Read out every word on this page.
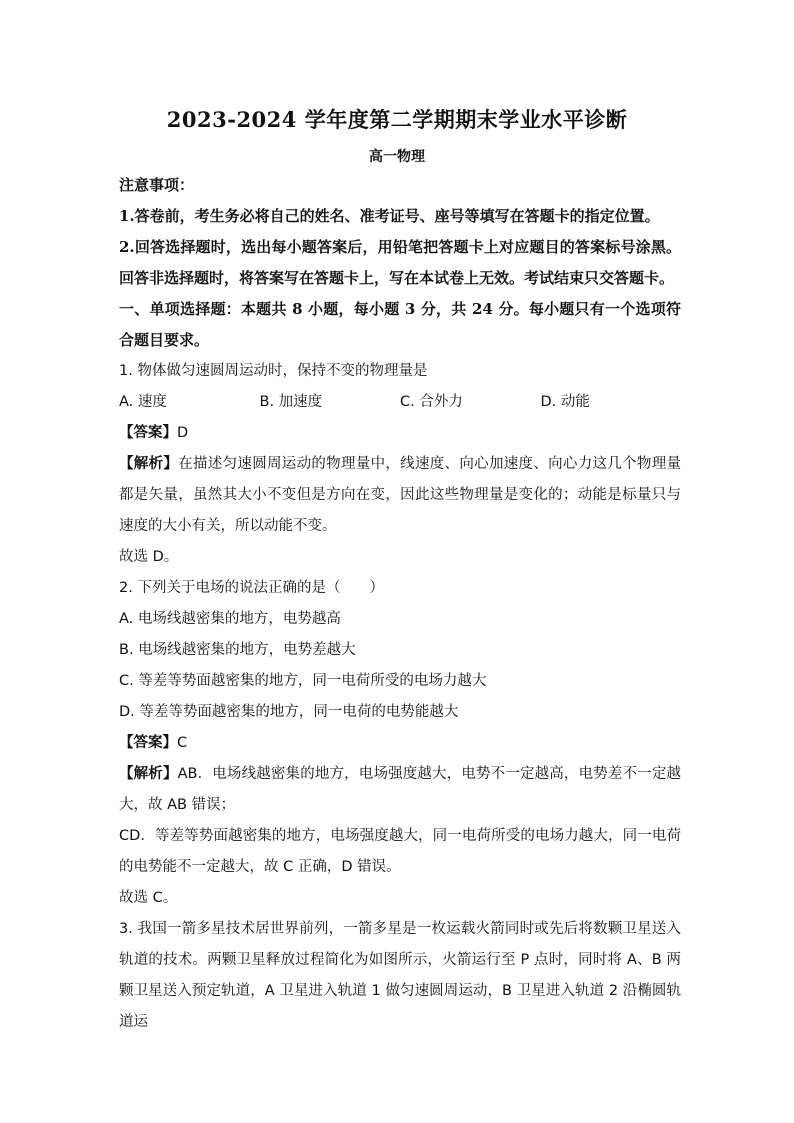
2023-2024 学年度第二学期期末学业水平诊断
高一物理

注意事项：

1.答卷前，考生务必将自己的姓名、准考证号、座号等填写在答题卡的指定位置。

2.回答选择题时，选出每小题答案后，用铅笔把答题卡上对应题目的答案标号涂黑。回答非选择题时，将答案写在答题卡上，写在本试卷上无效。考试结束只交答题卡。

一、单项选择题：本题共 8 小题，每小题 3 分，共 24 分。每小题只有一个选项符合题目要求。

1. 物体做匀速圆周运动时，保持不变的物理量是

A. 速度	B. 加速度	C. 合外力	D. 动能

【答案】D

【解析】在描述匀速圆周运动的物理量中，线速度、向心加速度、向心力这几个物理量都是矢量，虽然其大小不变但是方向在变，因此这些物理量是变化的；动能是标量只与速度的大小有关，所以动能不变。

故选 D。

2. 下列关于电场的说法正确的是（　　）

A. 电场线越密集的地方，电势越高

B. 电场线越密集的地方，电势差越大

C. 等差等势面越密集的地方，同一电荷所受的电场力越大

D. 等差等势面越密集的地方，同一电荷的电势能越大

【答案】C

【解析】AB．电场线越密集的地方，电场强度越大，电势不一定越高，电势差不一定越大，故 AB 错误；

CD．等差等势面越密集的地方，电场强度越大，同一电荷所受的电场力越大，同一电荷的电势能不一定越大，故 C 正确，D 错误。

故选 C。

3. 我国一箭多星技术居世界前列，一箭多星是一枚运载火箭同时或先后将数颗卫星送入轨道的技术。两颗卫星释放过程简化为如图所示，火箭运行至 P 点时，同时将 A、B 两颗卫星送入预定轨道，A 卫星进入轨道 1 做匀速圆周运动，B 卫星进入轨道 2 沿椭圆轨道运
